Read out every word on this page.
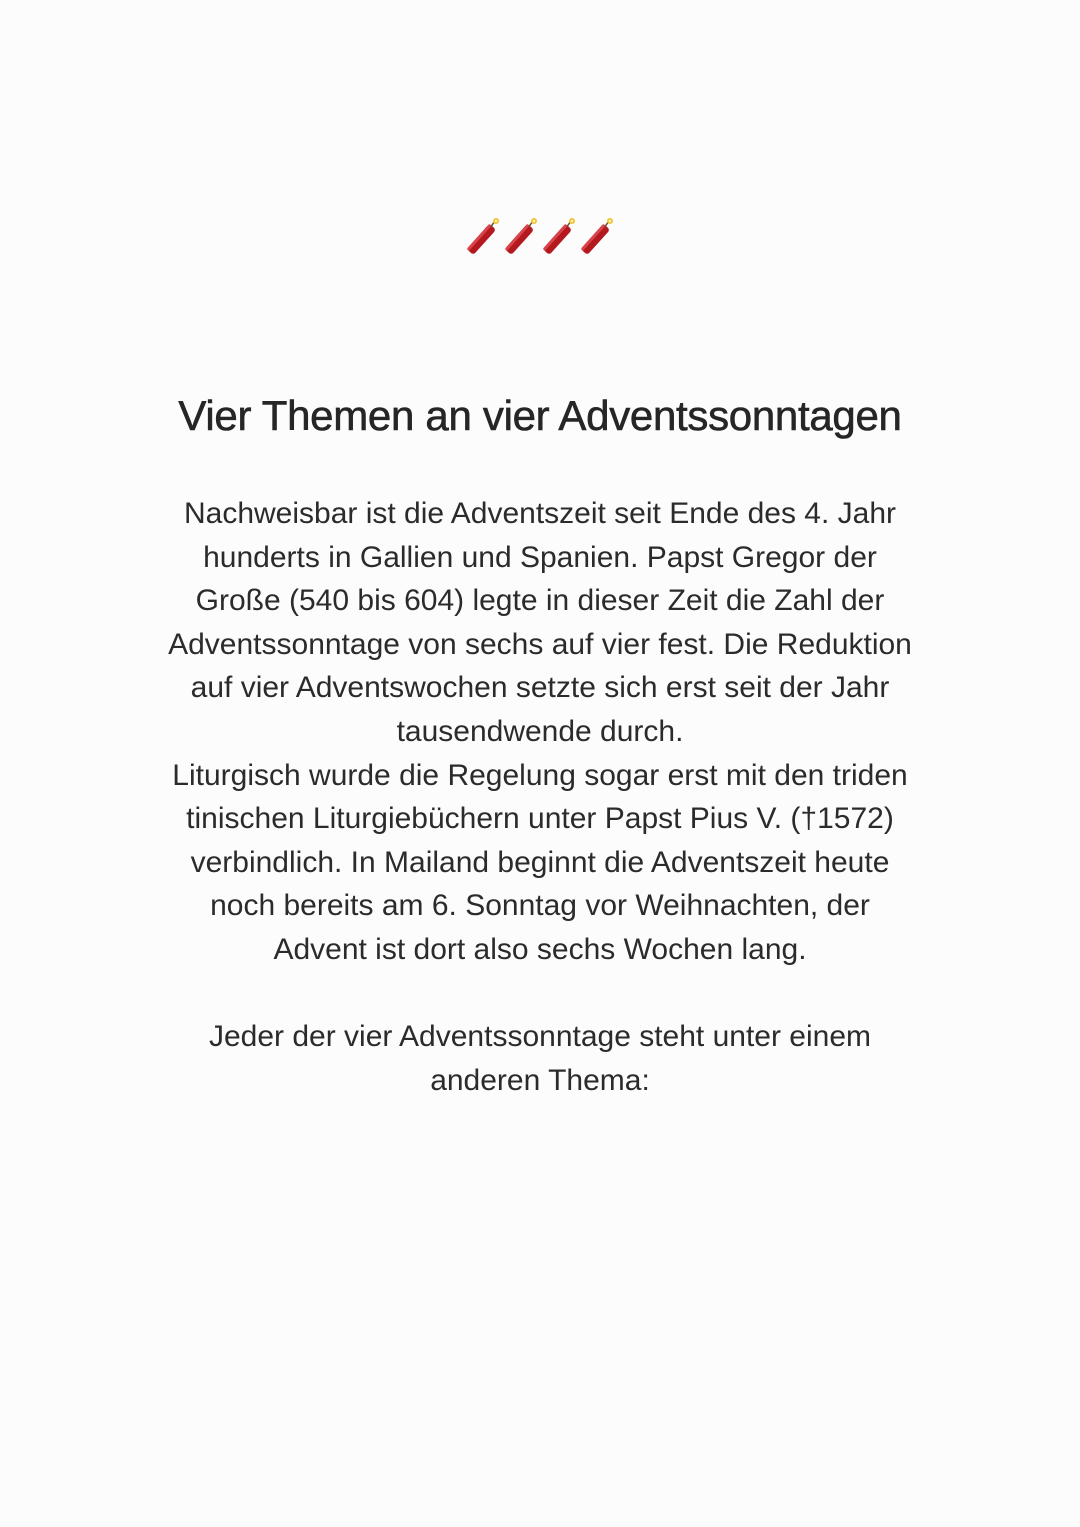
Vier Themen an vier Adventssonntagen
Nachweisbar ist die Adventszeit seit Ende des 4. Jahr
hunderts in Gallien und Spanien. Papst Gregor der
Große (540 bis 604) legte in dieser Zeit die Zahl der
Adventssonntage von sechs auf vier fest. Die Reduktion
auf vier Adventswochen setzte sich erst seit der Jahr
tausendwende durch.
Liturgisch wurde die Regelung sogar erst mit den triden
tinischen Liturgiebüchern unter Papst Pius V. (†1572)
verbindlich. In Mailand beginnt die Adventszeit heute
noch bereits am 6. Sonntag vor Weihnachten, der
Advent ist dort also sechs Wochen lang.
Jeder der vier Adventssonntage steht unter einem
anderen Thema:
